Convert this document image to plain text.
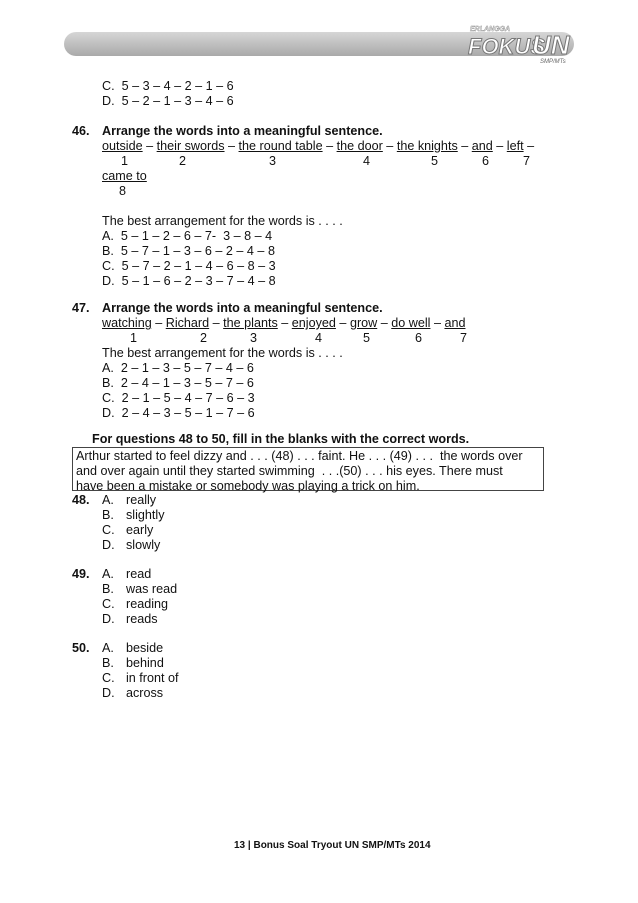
ERLANGGA
FOKUS
UN
SMP/MTs
C.  5 – 3 – 4 – 2 – 1 – 6
D.  5 – 2 – 1 – 3 – 4 – 6
46. Arrange the words into a meaningful sentence.
outside – their swords – the round table – the door – the knights – and – left –
1	2	3	4	5	6	7
came to
8
The best arrangement for the words is . . . .
A.  5 – 1 – 2 – 6 – 7-  3 – 8 – 4
B.  5 – 7 – 1 – 3 – 6 – 2 – 4 – 8
C.  5 – 7 – 2 – 1 – 4 – 6 – 8 – 3
D.  5 – 1 – 6 – 2 – 3 – 7 – 4 – 8
47. Arrange the words into a meaningful sentence.
watching – Richard – the plants – enjoyed – grow – do well – and
1	2	3	4	5	6	7
The best arrangement for the words is . . . .
A.  2 – 1 – 3 – 5 – 7 – 4 – 6
B.  2 – 4 – 1 – 3 – 5 – 7 – 6
C.  2 – 1 – 5 – 4 – 7 – 6 – 3
D.  2 – 4 – 3 – 5 – 1 – 7 – 6
For questions 48 to 50, fill in the blanks with the correct words.
Arthur started to feel dizzy and . . . (48) . . . faint. He . . . (49) . . .  the words over
and over again until they started swimming  . . .(50) . . . his eyes. There must
have been a mistake or somebody was playing a trick on him.
48. A. really
B. slightly
C. early
D. slowly
49. A. read
B. was read
C. reading
D. reads
50. A. beside
B. behind
C. in front of
D. across
13 | Bonus Soal Tryout UN SMP/MTs 2014
